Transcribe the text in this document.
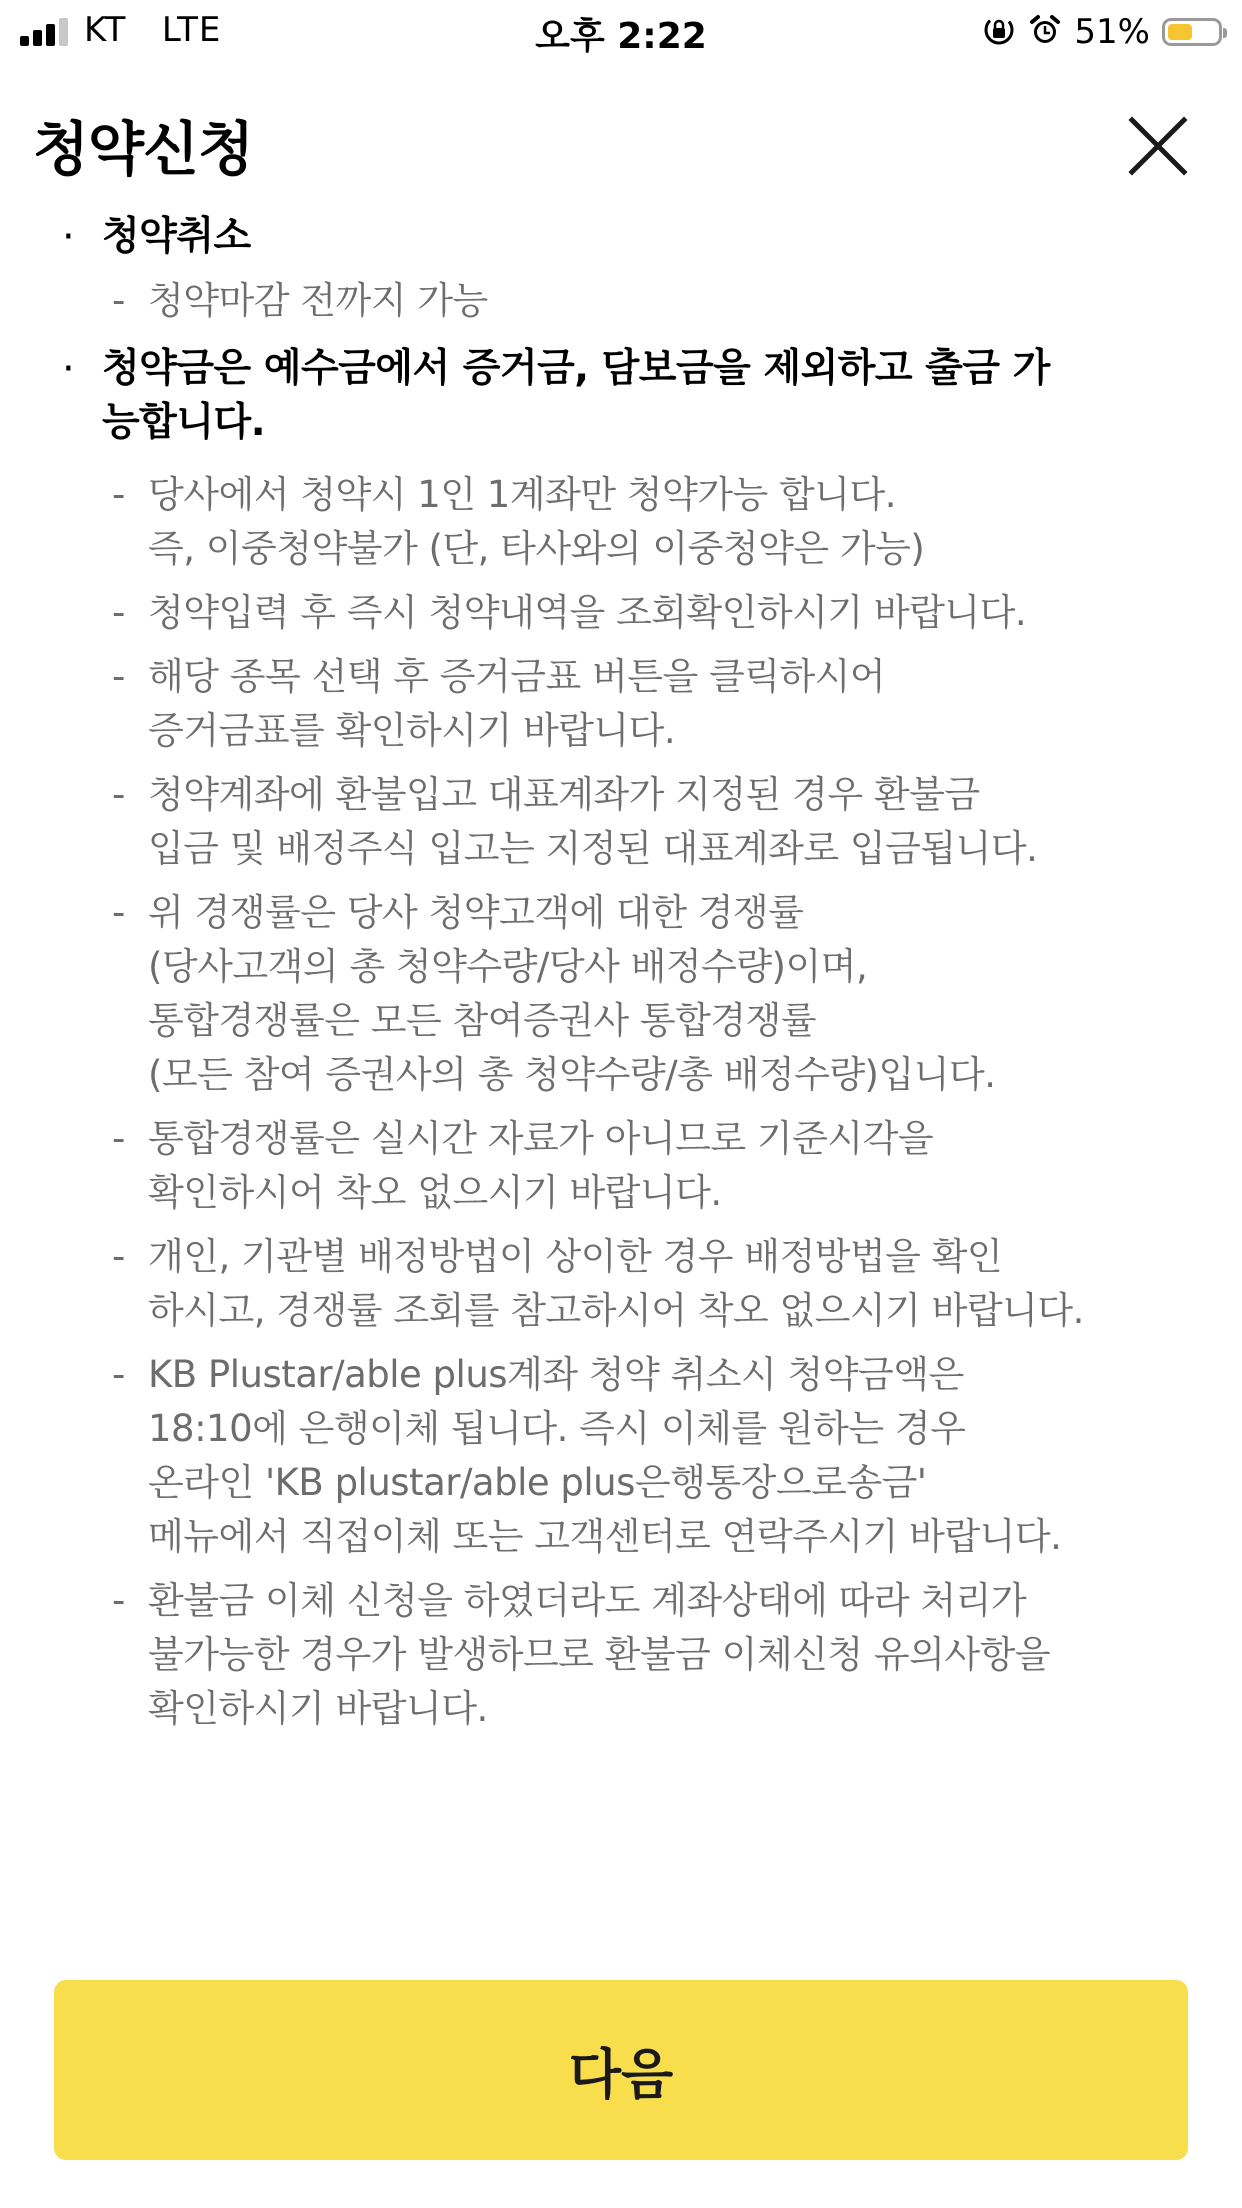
KT   LTE	오후 2:22	51%
청약신청
· 청약취소
- 청약마감 전까지 가능
· 청약금은 예수금에서 증거금, 담보금을 제외하고 출금 가능합니다.
- 당사에서 청약시 1인 1계좌만 청약가능 합니다.
즉, 이중청약불가 (단, 타사와의 이중청약은 가능)
- 청약입력 후 즉시 청약내역을 조회확인하시기 바랍니다.
- 해당 종목 선택 후 증거금표 버튼을 클릭하시어
증거금표를 확인하시기 바랍니다.
- 청약계좌에 환불입고 대표계좌가 지정된 경우 환불금
입금 및 배정주식 입고는 지정된 대표계좌로 입금됩니다.
- 위 경쟁률은 당사 청약고객에 대한 경쟁률
(당사고객의 총 청약수량/당사 배정수량)이며,
통합경쟁률은 모든 참여증권사 통합경쟁률
(모든 참여 증권사의 총 청약수량/총 배정수량)입니다.
- 통합경쟁률은 실시간 자료가 아니므로 기준시각을
확인하시어 착오 없으시기 바랍니다.
- 개인, 기관별 배정방법이 상이한 경우 배정방법을 확인
하시고, 경쟁률 조회를 참고하시어 착오 없으시기 바랍니다.
- KB Plustar/able plus계좌 청약 취소시 청약금액은
18:10에 은행이체 됩니다. 즉시 이체를 원하는 경우
온라인 'KB plustar/able plus은행통장으로송금'
메뉴에서 직접이체 또는 고객센터로 연락주시기 바랍니다.
- 환불금 이체 신청을 하였더라도 계좌상태에 따라 처리가
불가능한 경우가 발생하므로 환불금 이체신청 유의사항을
확인하시기 바랍니다.
다음
